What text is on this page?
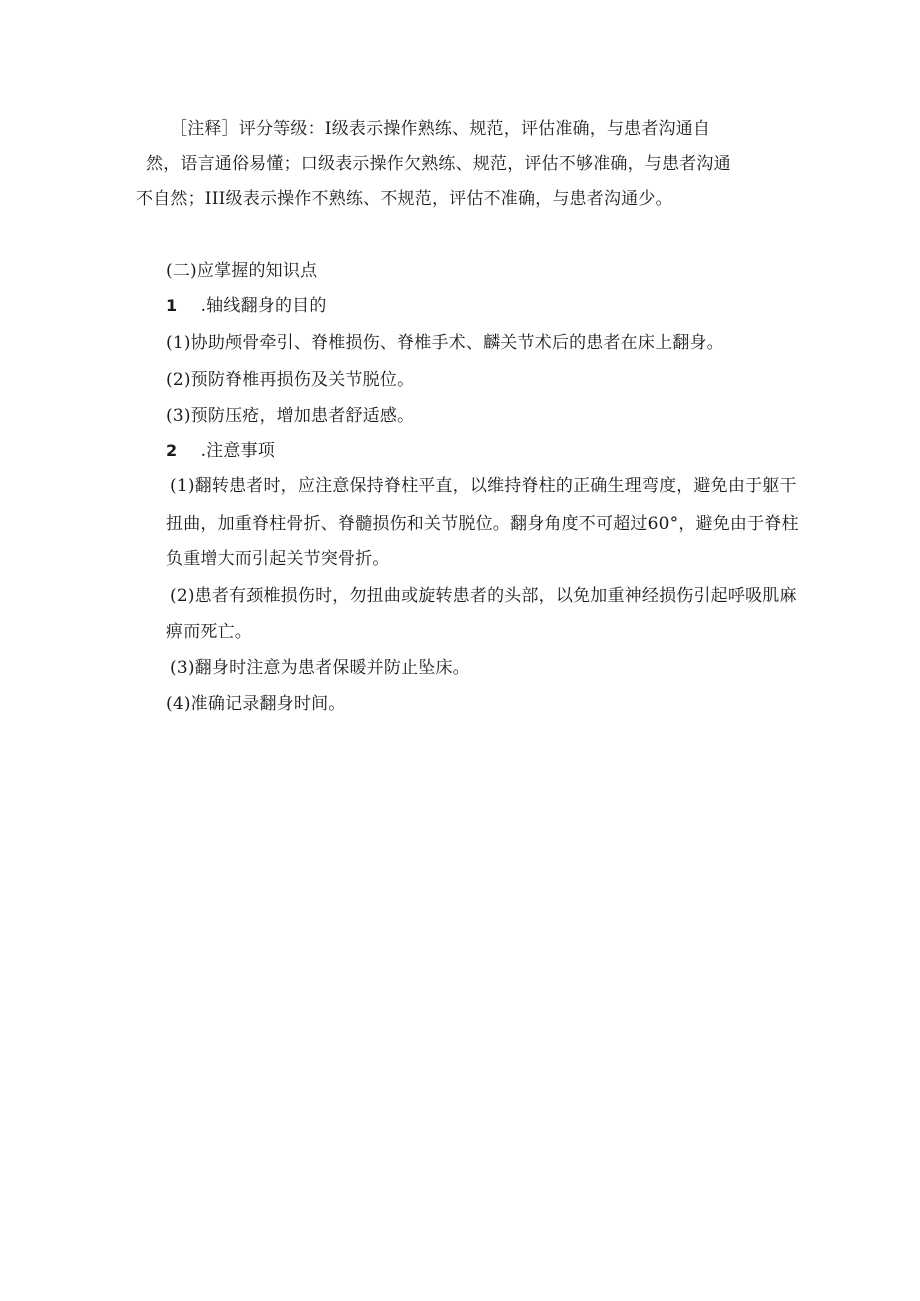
［注释］评分等级：I级表示操作熟练、规范，评估准确，与患者沟通自
然，语言通俗易懂；口级表示操作欠熟练、规范，评估不够准确，与患者沟通
不自然；III级表示操作不熟练、不规范，评估不准确，与患者沟通少。
(二)应掌握的知识点
1 .轴线翻身的目的
(1)协助颅骨牵引、脊椎损伤、脊椎手术、麟关节术后的患者在床上翻身。
(2)预防脊椎再损伤及关节脱位。
(3)预防压疮，增加患者舒适感。
2 .注意事项
(1)翻转患者时，应注意保持脊柱平直，以维持脊柱的正确生理弯度，避免由于躯干
扭曲，加重脊柱骨折、脊髓损伤和关节脱位。翻身角度不可超过60°，避免由于脊柱
负重增大而引起关节突骨折。
(2)患者有颈椎损伤时，勿扭曲或旋转患者的头部，以免加重神经损伤引起呼吸肌麻
痹而死亡。
(3)翻身时注意为患者保暖并防止坠床。
(4)准确记录翻身时间。
